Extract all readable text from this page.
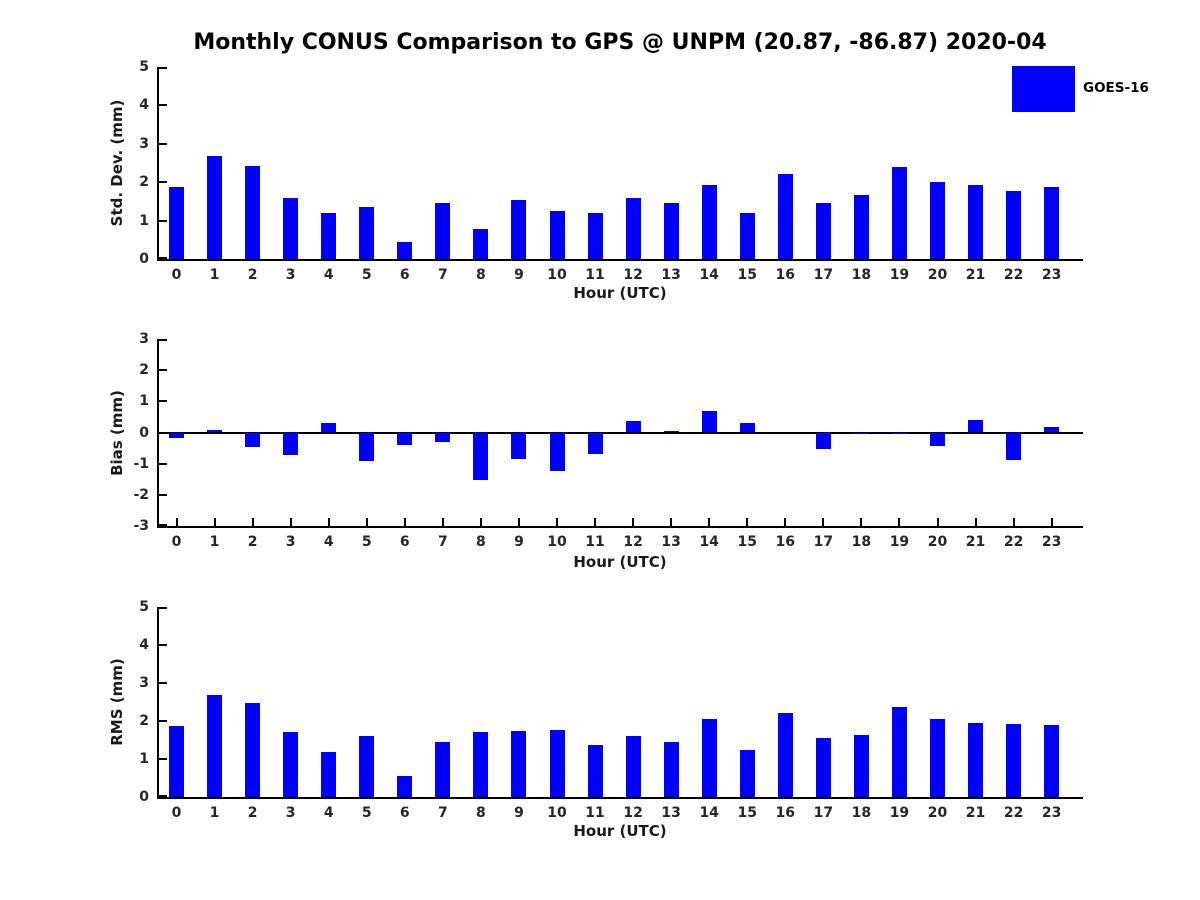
Monthly CONUS Comparison to GPS @ UNPM (20.87, -86.87) 2020-04
GOES-16
Std. Dev. (mm)
0
1
2
3
4
5
0	1	2	3	4	5	6	7	8	9	10	11	12	13	14	15	16	17	18	19	20	21	22	23
Hour (UTC)
Bias (mm)
-3
-2
-1
0
1
2
3
0	1	2	3	4	5	6	7	8	9	10	11	12	13	14	15	16	17	18	19	20	21	22	23
Hour (UTC)
RMS (mm)
0
1
2
3
4
5
0	1	2	3	4	5	6	7	8	9	10	11	12	13	14	15	16	17	18	19	20	21	22	23
Hour (UTC)
